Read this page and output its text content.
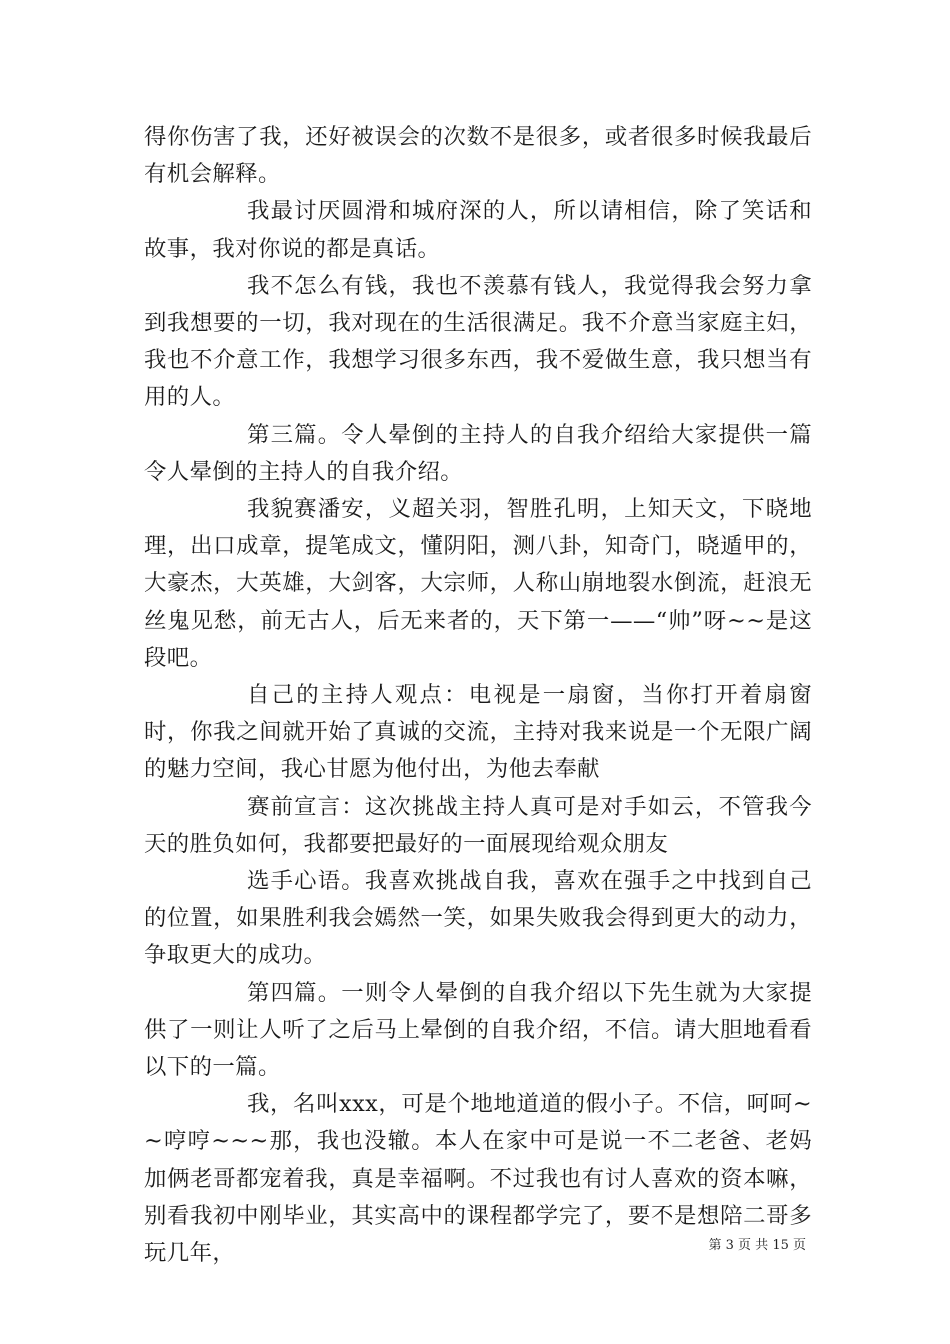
得你伤害了我，还好被误会的次数不是很多，或者很多时候我最后有机会解释。

我最讨厌圆滑和城府深的人，所以请相信，除了笑话和故事，我对你说的都是真话。

我不怎么有钱，我也不羡慕有钱人，我觉得我会努力拿到我想要的一切，我对现在的生活很满足。我不介意当家庭主妇，我也不介意工作，我想学习很多东西，我不爱做生意，我只想当有用的人。

第三篇。令人晕倒的主持人的自我介绍给大家提供一篇令人晕倒的主持人的自我介绍。

我貌赛潘安，义超关羽，智胜孔明，上知天文，下晓地理，出口成章，提笔成文，懂阴阳，测八卦，知奇门，晓遁甲的，大豪杰，大英雄，大剑客，大宗师，人称山崩地裂水倒流，赶浪无丝鬼见愁，前无古人，后无来者的，天下第一——“帅”呀~~是这段吧。

自己的主持人观点：电视是一扇窗，当你打开着扇窗时，你我之间就开始了真诚的交流，主持对我来说是一个无限广阔的魅力空间，我心甘愿为他付出，为他去奉献

赛前宣言：这次挑战主持人真可是对手如云，不管我今天的胜负如何，我都要把最好的一面展现给观众朋友

选手心语。我喜欢挑战自我，喜欢在强手之中找到自己的位置，如果胜利我会嫣然一笑，如果失败我会得到更大的动力，争取更大的成功。

第四篇。一则令人晕倒的自我介绍以下先生就为大家提供了一则让人听了之后马上晕倒的自我介绍，不信。请大胆地看看以下的一篇。

我，名叫xxx，可是个地地道道的假小子。不信，呵呵~~哼哼~~~那，我也没辙。本人在家中可是说一不二老爸、老妈加俩老哥都宠着我，真是幸福啊。不过我也有讨人喜欢的资本嘛，别看我初中刚毕业，其实高中的课程都学完了，要不是想陪二哥多玩几年，	第 3 页 共 15 页
